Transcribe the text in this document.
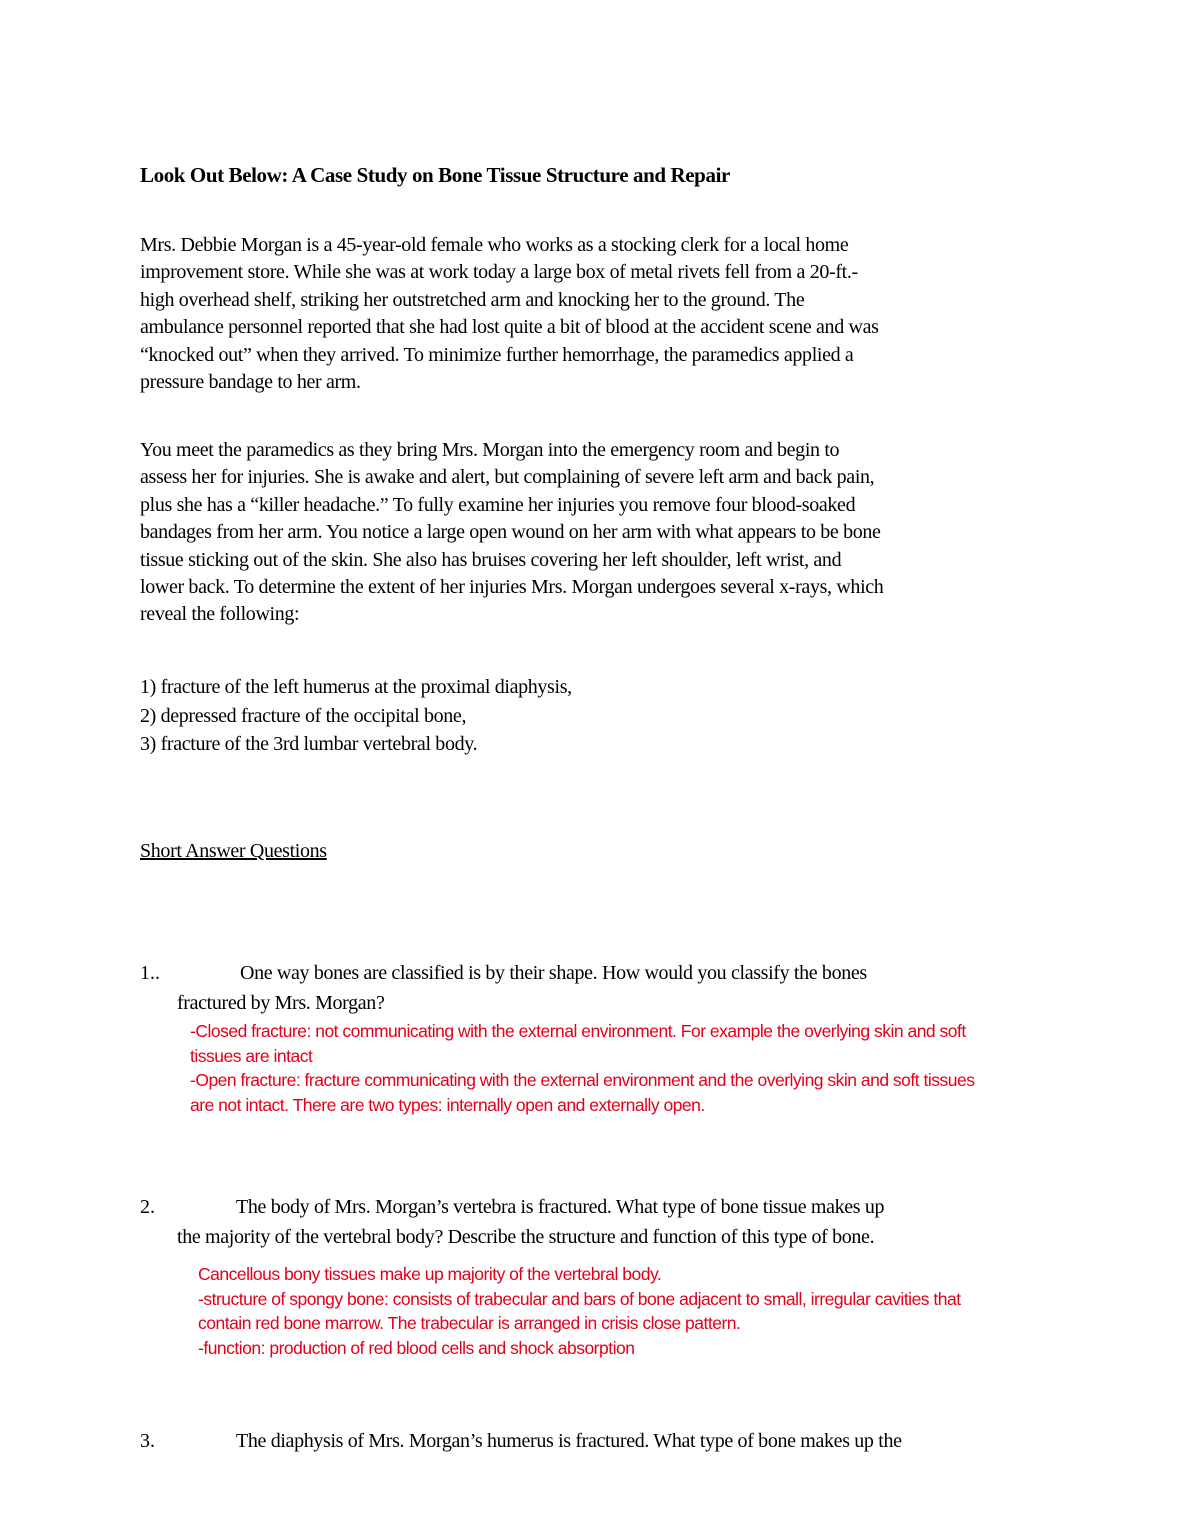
Look Out Below: A Case Study on Bone Tissue Structure and Repair
Mrs. Debbie Morgan is a 45-year-old female who works as a stocking clerk for a local home
improvement store. While she was at work today a large box of metal rivets fell from a 20-ft.-
high overhead shelf, striking her outstretched arm and knocking her to the ground. The
ambulance personnel reported that she had lost quite a bit of blood at the accident scene and was
“knocked out” when they arrived. To minimize further hemorrhage, the paramedics applied a
pressure bandage to her arm.
You meet the paramedics as they bring Mrs. Morgan into the emergency room and begin to
assess her for injuries. She is awake and alert, but complaining of severe left arm and back pain,
plus she has a “killer headache.” To fully examine her injuries you remove four blood-soaked
bandages from her arm. You notice a large open wound on her arm with what appears to be bone
tissue sticking out of the skin. She also has bruises covering her left shoulder, left wrist, and
lower back. To determine the extent of her injuries Mrs. Morgan undergoes several x-rays, which
reveal the following:
1) fracture of the left humerus at the proximal diaphysis,
2) depressed fracture of the occipital bone,
3) fracture of the 3rd lumbar vertebral body.
Short Answer Questions
1..	One way bones are classified is by their shape. How would you classify the bones
fractured by Mrs. Morgan?
-Closed fracture: not communicating with the external environment. For example the overlying skin and soft
tissues are intact
-Open fracture: fracture communicating with the external environment and the overlying skin and soft tissues
are not intact. There are two types: internally open and externally open.
2.	The body of Mrs. Morgan’s vertebra is fractured. What type of bone tissue makes up
the majority of the vertebral body? Describe the structure and function of this type of bone.
Cancellous bony tissues make up majority of the vertebral body.
-structure of spongy bone: consists of trabecular and bars of bone adjacent to small, irregular cavities that
contain red bone marrow. The trabecular is arranged in crisis close pattern.
-function: production of red blood cells and shock absorption
3.	The diaphysis of Mrs. Morgan’s humerus is fractured. What type of bone makes up the
